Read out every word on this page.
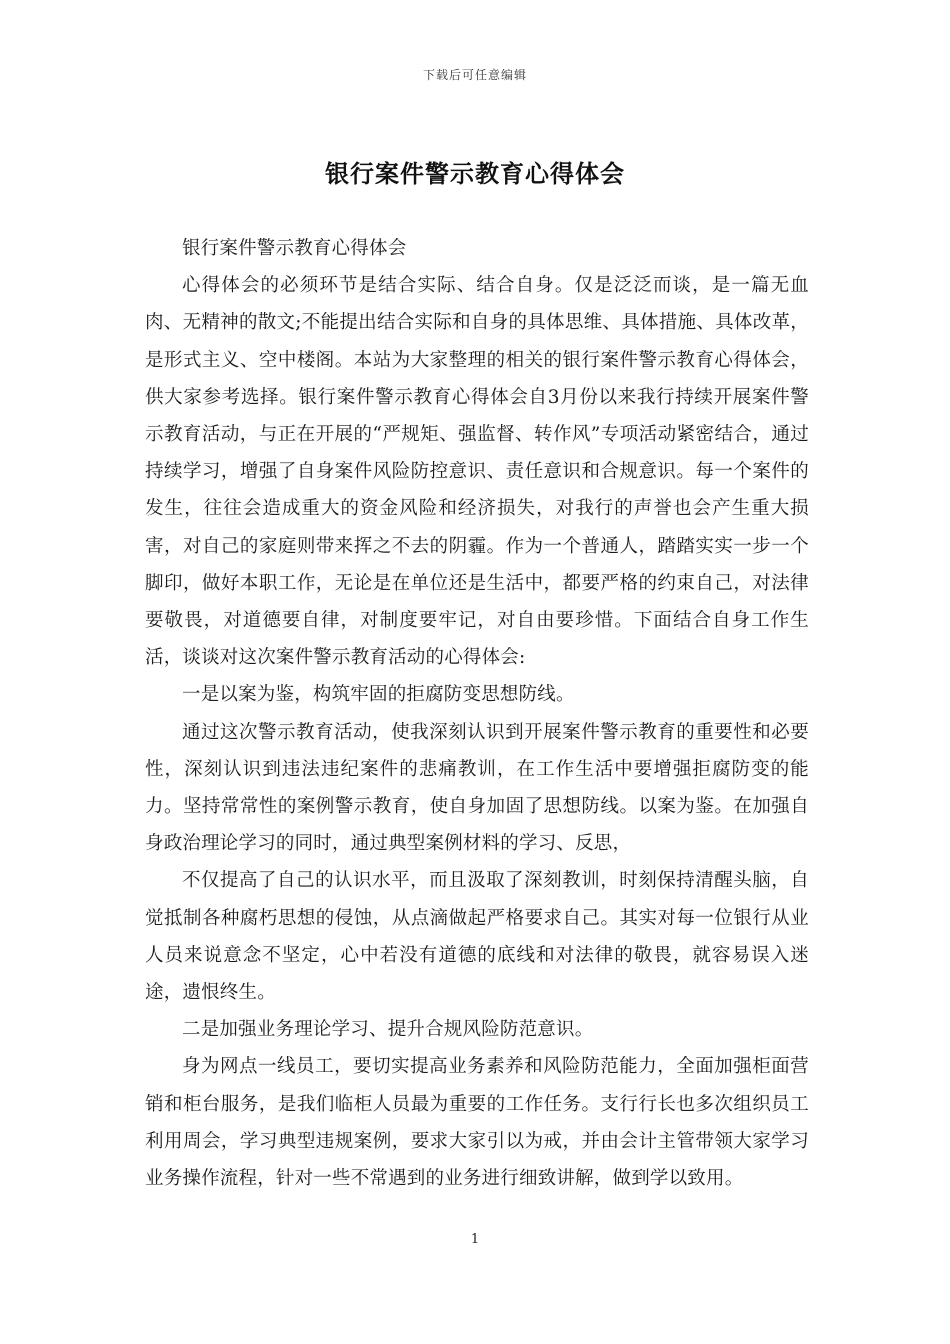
下载后可任意编辑
银行案件警示教育心得体会

银行案件警示教育心得体会

心得体会的必须环节是结合实际、结合自身。仅是泛泛而谈，是一篇无血肉、无精神的散文;不能提出结合实际和自身的具体思维、具体措施、具体改革，是形式主义、空中楼阁。本站为大家整理的相关的银行案件警示教育心得体会，供大家参考选择。银行案件警示教育心得体会自3月份以来我行持续开展案件警示教育活动，与正在开展的“严规矩、强监督、转作风”专项活动紧密结合，通过持续学习，增强了自身案件风险防控意识、责任意识和合规意识。每一个案件的发生，往往会造成重大的资金风险和经济损失，对我行的声誉也会产生重大损害，对自己的家庭则带来挥之不去的阴霾。作为一个普通人，踏踏实实一步一个脚印，做好本职工作，无论是在单位还是生活中，都要严格的约束自己，对法律要敬畏，对道德要自律，对制度要牢记，对自由要珍惜。下面结合自身工作生活，谈谈对这次案件警示教育活动的心得体会:

一是以案为鉴，构筑牢固的拒腐防变思想防线。

通过这次警示教育活动，使我深刻认识到开展案件警示教育的重要性和必要性，深刻认识到违法违纪案件的悲痛教训，在工作生活中要增强拒腐防变的能力。坚持常常性的案例警示教育，使自身加固了思想防线。以案为鉴。在加强自身政治理论学习的同时，通过典型案例材料的学习、反思，

不仅提高了自己的认识水平，而且汲取了深刻教训，时刻保持清醒头脑，自觉抵制各种腐朽思想的侵蚀，从点滴做起严格要求自己。其实对每一位银行从业人员来说意念不坚定，心中若没有道德的底线和对法律的敬畏，就容易误入迷途，遗恨终生。

二是加强业务理论学习、提升合规风险防范意识。

身为网点一线员工，要切实提高业务素养和风险防范能力，全面加强柜面营销和柜台服务，是我们临柜人员最为重要的工作任务。支行行长也多次组织员工利用周会，学习典型违规案例，要求大家引以为戒，并由会计主管带领大家学习业务操作流程，针对一些不常遇到的业务进行细致讲解，做到学以致用。

1
